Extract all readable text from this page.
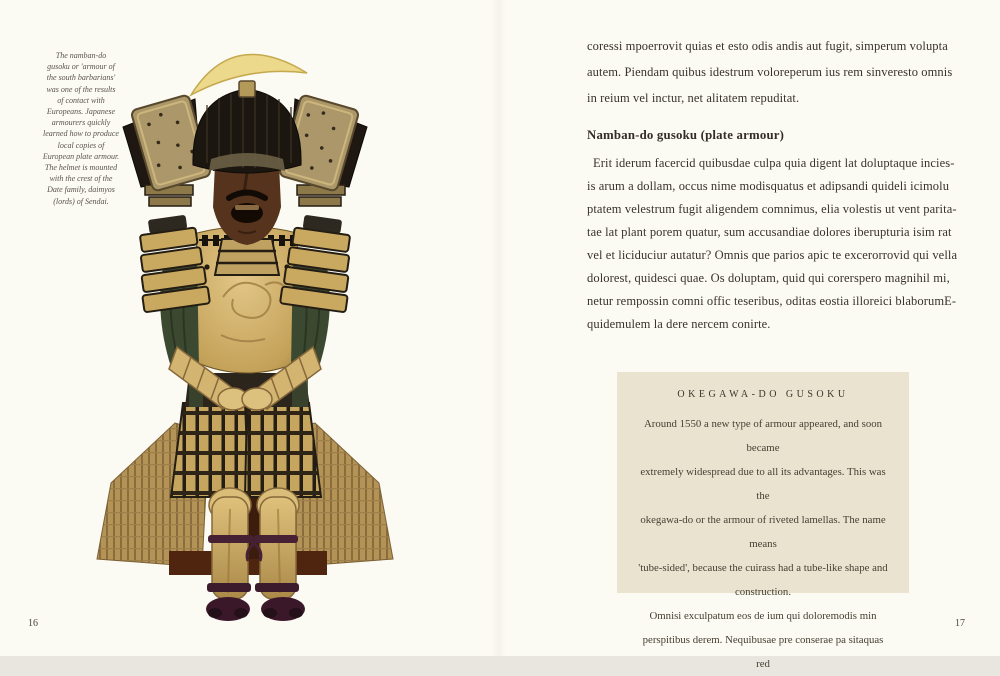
The namban-do
gusoku or 'armour of
the south barbarians'
was one of the results
of contact with
Europeans. Japanese
armourers quickly
learned how to produce
local copies of
European plate armour.
The helmet is mounted
with the crest of the
Date family, daimyos
(lords) of Sendai.
16
coressi mpoerrovit quias et esto odis andis aut fugit, simperum volupta
autem. Piendam quibus idestrum voloreperum ius rem sinveresto omnis
in reium vel inctur, net alitatem repuditat.
Namban-do gusoku (plate armour)
Erit iderum facercid quibusdae culpa quia digent lat doluptaque incies-
is arum a dollam, occus nime modisquatus et adipsandi quideli icimolu
ptatem velestrum fugit aligendem comnimus, elia volestis ut vent parita-
tae lat plant porem quatur, sum accusandiae dolores iberupturia isim rat
vel et liciduciur autatur? Omnis que parios apic te excerorrovid qui vella
dolorest, quidesci quae. Os doluptam, quid qui corerspero magnihil mi,
netur rempossin comni offic teseribus, oditas eostia illoreici blaborumE-
quidemulem la dere nercem conirte.
OKEGAWA-DO GUSOKU
Around 1550 a new type of armour appeared, and soon became
extremely widespread due to all its advantages. This was the
okegawa-do or the armour of riveted lamellas. The name means
'tube-sided', because the cuirass had a tube-like shape and
construction.
Omnisi exculpatum eos de ium qui doloremodis min
perspitibus derem. Nequibusae pre conserae pa sitaquas red
17
